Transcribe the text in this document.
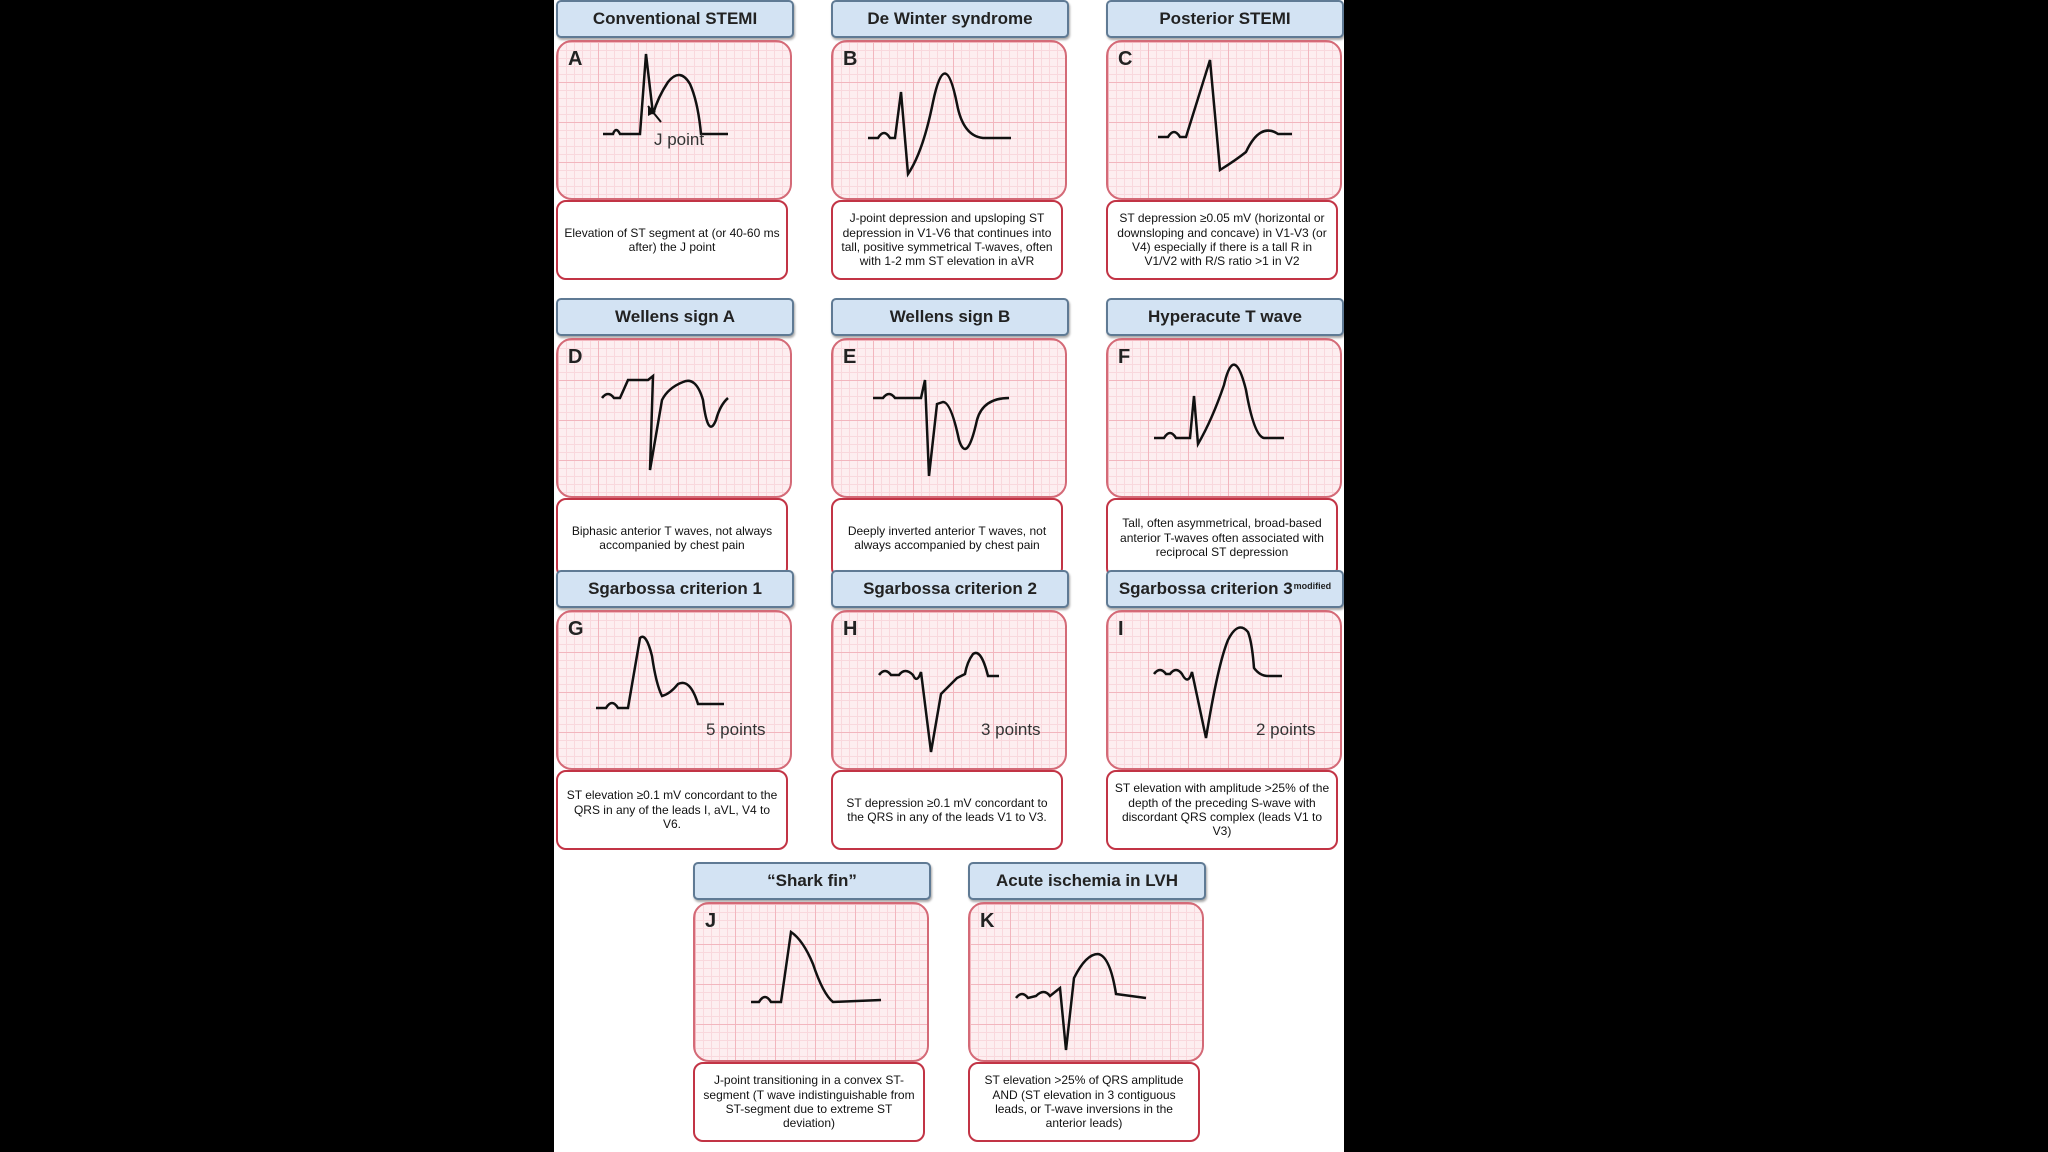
Conventional STEMI
A
J point
Elevation of ST segment at (or 40-60 ms after) the J point
De Winter syndrome
B
J-point depression and upsloping ST depression in V1-V6 that continues into tall, positive symmetrical T-waves, often with 1-2 mm ST elevation in aVR
Posterior STEMI
C
ST depression ≥0.05 mV (horizontal or downsloping and concave) in V1-V3 (or V4) especially if there is a tall R in V1/V2 with R/S ratio >1 in V2
Wellens sign A
D
Biphasic anterior T waves, not always accompanied by chest pain
Wellens sign B
E
Deeply inverted anterior T waves, not always accompanied by chest pain
Hyperacute T wave
F
Tall, often asymmetrical, broad-based anterior T-waves often associated with reciprocal ST depression
Sgarbossa criterion 1
G
5 points
ST elevation ≥0.1 mV concordant to the QRS in any of the leads I, aVL, V4 to V6.
Sgarbossa criterion 2
H
3 points
ST depression ≥0.1 mV concordant to the QRS in any of the leads V1 to V3.
Sgarbossa criterion $3^{modified}$
I
2 points
ST elevation with amplitude >25% of the depth of the preceding S-wave with discordant QRS complex (leads V1 to V3)
“Shark fin”
J
J-point transitioning in a convex ST-segment (T wave indistinguishable from ST-segment due to extreme ST deviation)
Acute ischemia in LVH
K
ST elevation >25% of QRS amplitude AND (ST elevation in 3 contiguous leads, or T-wave inversions in the anterior leads)
